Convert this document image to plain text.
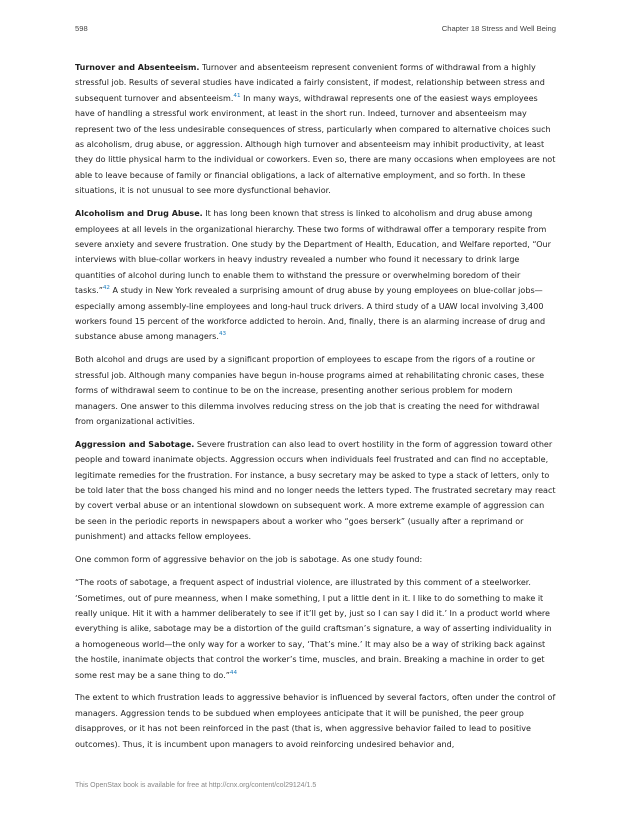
598	Chapter 18 Stress and Well Being

Turnover and Absenteeism. Turnover and absenteeism represent convenient forms of withdrawal from a highly stressful job. Results of several studies have indicated a fairly consistent, if modest, relationship between stress and subsequent turnover and absenteeism.$^{41}$ In many ways, withdrawal represents one of the easiest ways employees have of handling a stressful work environment, at least in the short run. Indeed, turnover and absenteeism may represent two of the less undesirable consequences of stress, particularly when compared to alternative choices such as alcoholism, drug abuse, or aggression. Although high turnover and absenteeism may inhibit productivity, at least they do little physical harm to the individual or coworkers. Even so, there are many occasions when employees are not able to leave because of family or financial obligations, a lack of alternative employment, and so forth. In these situations, it is not unusual to see more dysfunctional behavior.

Alcoholism and Drug Abuse. It has long been known that stress is linked to alcoholism and drug abuse among employees at all levels in the organizational hierarchy. These two forms of withdrawal offer a temporary respite from severe anxiety and severe frustration. One study by the Department of Health, Education, and Welfare reported, “Our interviews with blue-collar workers in heavy industry revealed a number who found it necessary to drink large quantities of alcohol during lunch to enable them to withstand the pressure or overwhelming boredom of their tasks.”$^{42}$ A study in New York revealed a surprising amount of drug abuse by young employees on blue-collar jobs—especially among assembly-line employees and long-haul truck drivers. A third study of a UAW local involving 3,400 workers found 15 percent of the workforce addicted to heroin. And, finally, there is an alarming increase of drug and substance abuse among managers.$^{43}$

Both alcohol and drugs are used by a significant proportion of employees to escape from the rigors of a routine or stressful job. Although many companies have begun in-house programs aimed at rehabilitating chronic cases, these forms of withdrawal seem to continue to be on the increase, presenting another serious problem for modern managers. One answer to this dilemma involves reducing stress on the job that is creating the need for withdrawal from organizational activities.

Aggression and Sabotage. Severe frustration can also lead to overt hostility in the form of aggression toward other people and toward inanimate objects. Aggression occurs when individuals feel frustrated and can find no acceptable, legitimate remedies for the frustration. For instance, a busy secretary may be asked to type a stack of letters, only to be told later that the boss changed his mind and no longer needs the letters typed. The frustrated secretary may react by covert verbal abuse or an intentional slowdown on subsequent work. A more extreme example of aggression can be seen in the periodic reports in newspapers about a worker who “goes berserk” (usually after a reprimand or punishment) and attacks fellow employees.

One common form of aggressive behavior on the job is sabotage. As one study found:

“The roots of sabotage, a frequent aspect of industrial violence, are illustrated by this comment of a steelworker. ‘Sometimes, out of pure meanness, when I make something, I put a little dent in it. I like to do something to make it really unique. Hit it with a hammer deliberately to see if it’ll get by, just so I can say I did it.’ In a product world where everything is alike, sabotage may be a distortion of the guild craftsman’s signature, a way of asserting individuality in a homogeneous world—the only way for a worker to say, ‘That’s mine.’ It may also be a way of striking back against the hostile, inanimate objects that control the worker’s time, muscles, and brain. Breaking a machine in order to get some rest may be a sane thing to do.”$^{44}$

The extent to which frustration leads to aggressive behavior is influenced by several factors, often under the control of managers. Aggression tends to be subdued when employees anticipate that it will be punished, the peer group disapproves, or it has not been reinforced in the past (that is, when aggressive behavior failed to lead to positive outcomes). Thus, it is incumbent upon managers to avoid reinforcing undesired behavior and,

This OpenStax book is available for free at http://cnx.org/content/col29124/1.5
